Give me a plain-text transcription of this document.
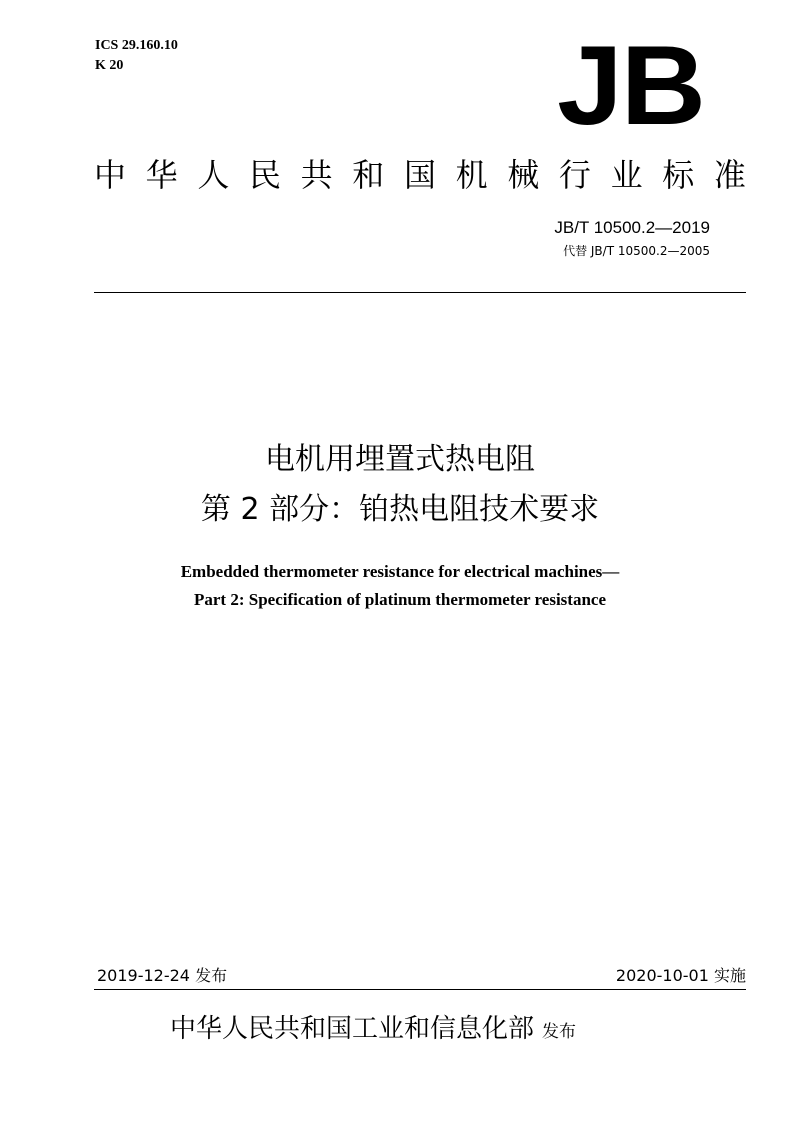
ICS 29.160.10
K 20	JB
中 华 人 民 共 和 国 机 械 行 业 标 准
JB/T 10500.2—2019
代替 JB/T 10500.2—2005
电机用埋置式热电阻
第 2 部分：铂热电阻技术要求
Embedded thermometer resistance for electrical machines—
Part 2: Specification of platinum thermometer resistance
2019-12-24 发布	2020-10-01 实施
中华人民共和国工业和信息化部 发布
